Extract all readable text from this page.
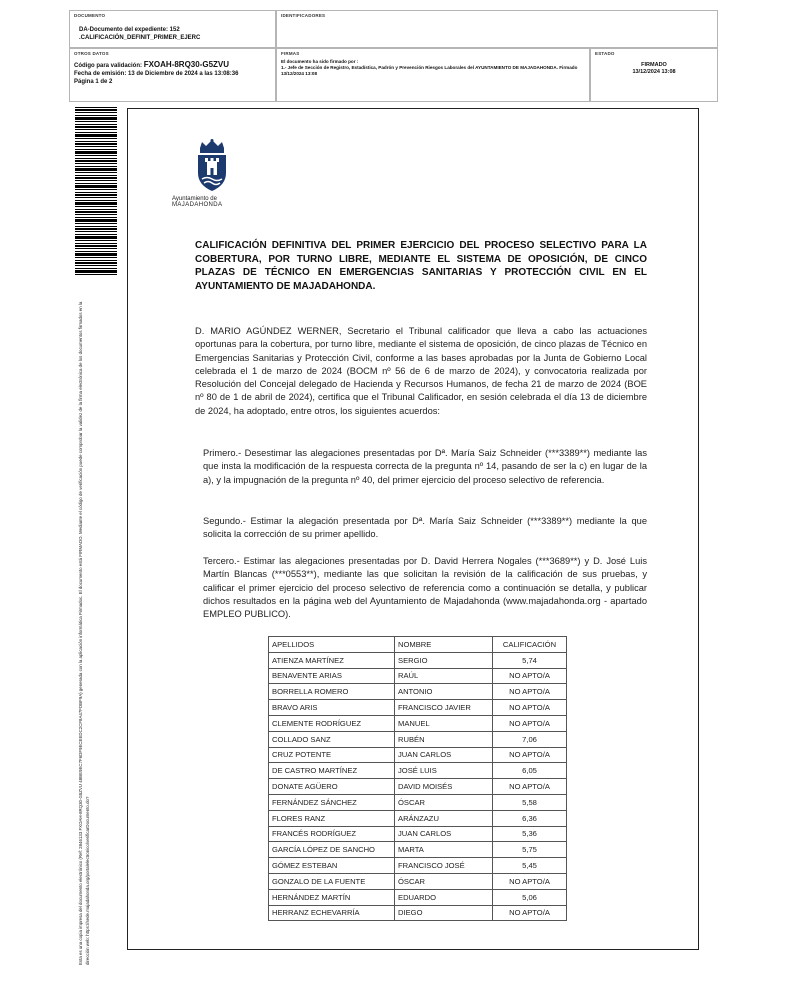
DOCUMENTO
DA-Documento del expediente: 152
.CALIFICACIÓN_DEFINIT_PRIMER_EJERC
IDENTIFICADORES
OTROS DATOS
Código para validación: FXOAH-8RQ30-G5ZVU
Fecha de emisión: 13 de Diciembre de 2024 a las 13:08:36
Página 1 de 2
FIRMAS
El documento ha sido firmado por :
1.- Jefe de Sección de Registro, Estadística, Padrón y Prevención Riesgos Laborales del AYUNTAMIENTO DE MAJADAHONDA. Firmado 13/12/2024 13:08
ESTADO
FIRMADO
13/12/2024 13:08
Esta es una copia impresa del documento electrónico (Ref: 2846133 FXOAH-8RQ30-G5ZVU 48BE9EC7F6DF9ECEEDC2CF8A47FDBF9A) generada con la aplicación informática Firmadoc. El documento está FIRMADO. Mediante el código de verificación puede comprobar la validez de la firma electrónica de los documentos firmados en la dirección web: https://sede.majadahonda.org/portalelectronico/verificarDocumento.do?
Ayuntamiento de
MAJADAHONDA
CALIFICACIÓN DEFINITIVA DEL PRIMER EJERCICIO DEL PROCESO SELECTIVO PARA LA COBERTURA, POR TURNO LIBRE, MEDIANTE EL SISTEMA DE OPOSICIÓN, DE CINCO PLAZAS DE TÉCNICO EN EMERGENCIAS SANITARIAS Y PROTECCIÓN CIVIL EN EL AYUNTAMIENTO DE MAJADAHONDA.
D. MARIO AGÚNDEZ WERNER, Secretario el Tribunal calificador que lleva a cabo las actuaciones oportunas para la cobertura, por turno libre, mediante el sistema de oposición, de cinco plazas de Técnico en Emergencias Sanitarias y Protección Civil, conforme a las bases aprobadas por la Junta de Gobierno Local celebrada el 1 de marzo de 2024 (BOCM nº 56 de 6 de marzo de 2024), y convocatoria realizada por Resolución del Concejal delegado de Hacienda y Recursos Humanos, de fecha 21 de marzo de 2024 (BOE nº 80 de 1 de abril de 2024), certifica que el Tribunal Calificador, en sesión celebrada el día 13 de diciembre de 2024, ha adoptado, entre otros, los siguientes acuerdos:
Primero.- Desestimar las alegaciones presentadas por Dª. María Saiz Schneider (***3389**) mediante las que insta la modificación de la respuesta correcta de la pregunta nº 14, pasando de ser la c) en lugar de la a), y la impugnación de la pregunta nº 40, del primer ejercicio del proceso selectivo de referencia.
Segundo.- Estimar la alegación presentada por Dª. María Saiz Schneider (***3389**) mediante la que solicita la corrección de su primer apellido.
Tercero.- Estimar las alegaciones presentadas por D. David Herrera Nogales (***3689**) y D. José Luis Martín Blancas (***0553**), mediante las que solicitan la revisión de la calificación de sus pruebas, y calificar el primer ejercicio del proceso selectivo de referencia como a continuación se detalla, y publicar dichos resultados en la página web del Ayuntamiento de Majadahonda (www.majadahonda.org - apartado EMPLEO PUBLICO).
APELLIDOS	NOMBRE	CALIFICACIÓN
ATIENZA MARTÍNEZ	SERGIO	5,74
BENAVENTE ARIAS	RAÚL	NO APTO/A
BORRELLA ROMERO	ANTONIO	NO APTO/A
BRAVO ARIS	FRANCISCO JAVIER	NO APTO/A
CLEMENTE RODRÍGUEZ	MANUEL	NO APTO/A
COLLADO SANZ	RUBÉN	7,06
CRUZ POTENTE	JUAN CARLOS	NO APTO/A
DE CASTRO MARTÍNEZ	JOSÉ LUIS	6,05
DONATE AGÜERO	DAVID MOISÉS	NO APTO/A
FERNÁNDEZ SÁNCHEZ	ÓSCAR	5,58
FLORES RANZ	ARÁNZAZU	6,36
FRANCÉS RODRÍGUEZ	JUAN CARLOS	5,36
GARCÍA LÓPEZ DE SANCHO	MARTA	5,75
GÓMEZ ESTEBAN	FRANCISCO JOSÉ	5,45
GONZALO DE LA FUENTE	ÓSCAR	NO APTO/A
HERNÁNDEZ MARTÍN	EDUARDO	5,06
HERRANZ ECHEVARRÍA	DIEGO	NO APTO/A
